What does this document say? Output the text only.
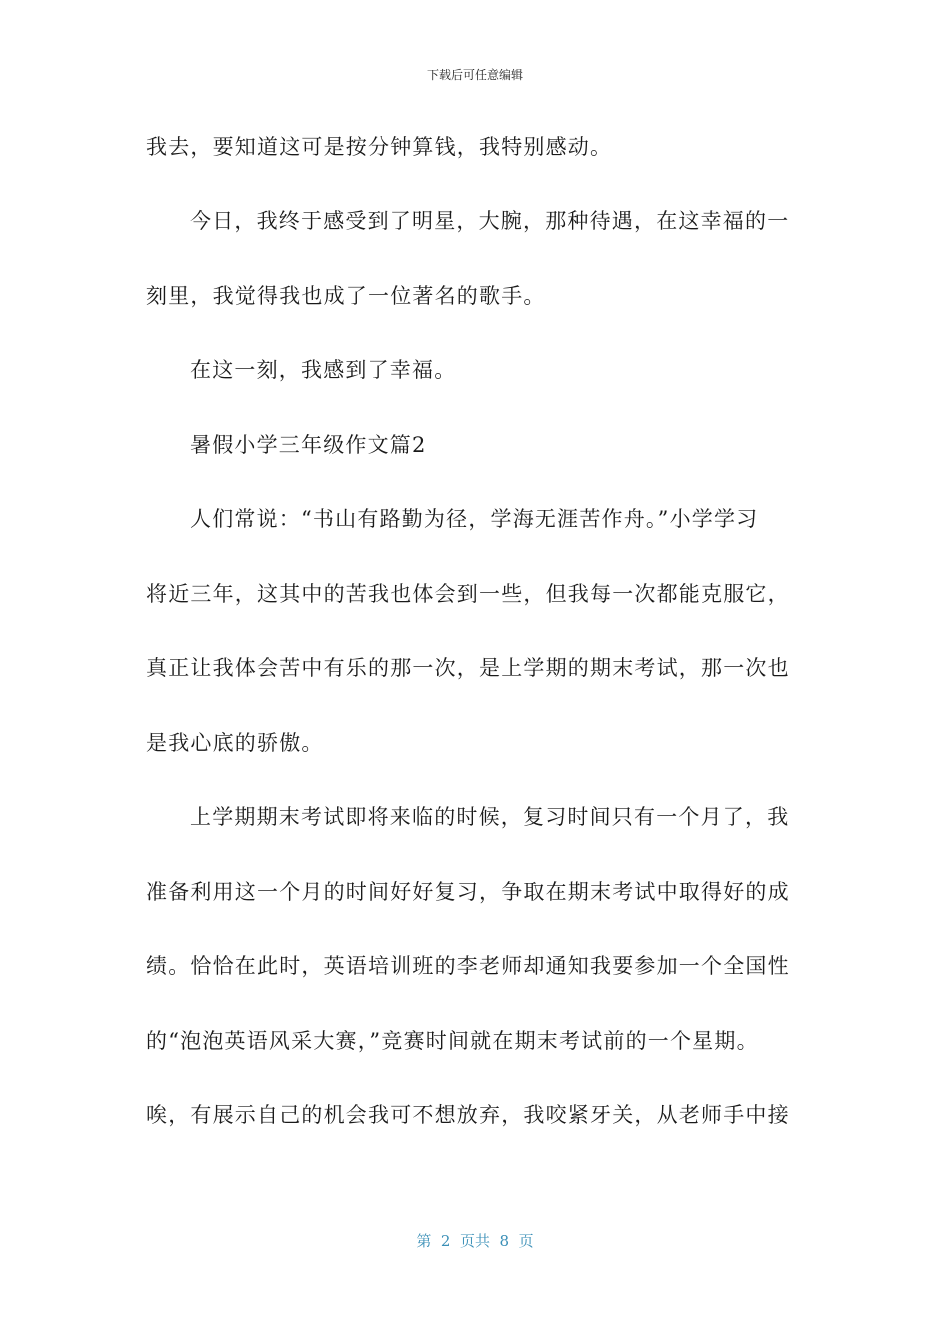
下载后可任意编辑
我去，要知道这可是按分钟算钱，我特别感动。
今日，我终于感受到了明星，大腕，那种待遇，在这幸福的一
刻里，我觉得我也成了一位著名的歌手。
在这一刻，我感到了幸福。
暑假小学三年级作文篇2
人们常说：“书山有路勤为径，学海无涯苦作舟。”小学学习
将近三年，这其中的苦我也体会到一些，但我每一次都能克服它，
真正让我体会苦中有乐的那一次，是上学期的期末考试，那一次也
是我心底的骄傲。
上学期期末考试即将来临的时候，复习时间只有一个月了，我
准备利用这一个月的时间好好复习，争取在期末考试中取得好的成
绩。恰恰在此时，英语培训班的李老师却通知我要参加一个全国性
的“泡泡英语风采大赛，”竞赛时间就在期末考试前的一个星期。
唉，有展示自己的机会我可不想放弃，我咬紧牙关，从老师手中接
第  2  页共  8  页
